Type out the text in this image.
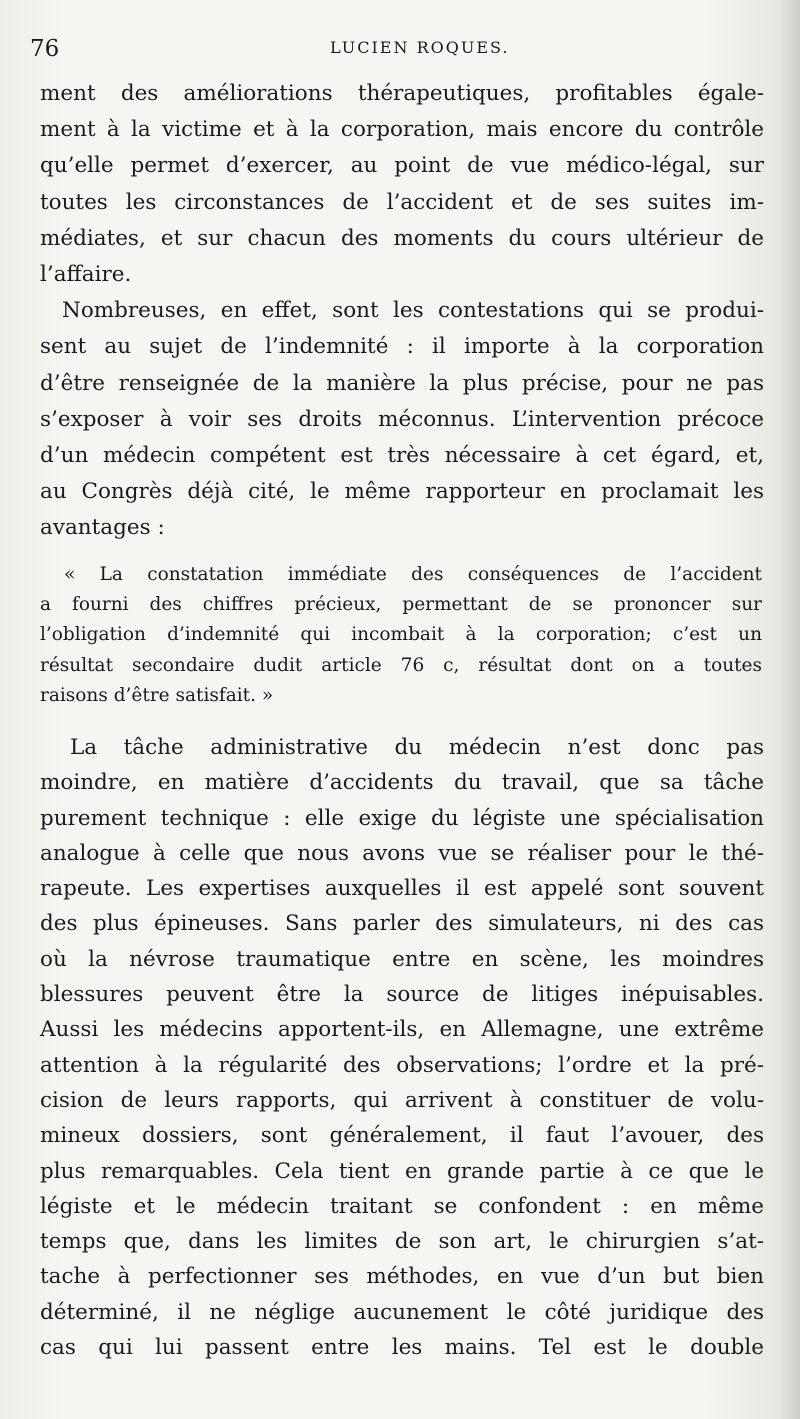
76	LUCIEN ROQUES.
ment des améliorations thérapeutiques, profitables égale-
ment à la victime et à la corporation, mais encore du contrôle
qu’elle permet d’exercer, au point de vue médico-légal, sur
toutes les circonstances de l’accident et de ses suites im-
médiates, et sur chacun des moments du cours ultérieur de
l’affaire.
Nombreuses, en effet, sont les contestations qui se produi-
sent au sujet de l’indemnité : il importe à la corporation
d’être renseignée de la manière la plus précise, pour ne pas
s’exposer à voir ses droits méconnus. L’intervention précoce
d’un médecin compétent est très nécessaire à cet égard, et,
au Congrès déjà cité, le même rapporteur en proclamait les
avantages :
« La constatation immédiate des conséquences de l’accident
a fourni des chiffres précieux, permettant de se prononcer sur
l’obligation d’indemnité qui incombait à la corporation; c’est un
résultat secondaire dudit article 76 c, résultat dont on a toutes
raisons d’être satisfait. »
La tâche administrative du médecin n’est donc pas
moindre, en matière d’accidents du travail, que sa tâche
purement technique : elle exige du légiste une spécialisation
analogue à celle que nous avons vue se réaliser pour le thé-
rapeute. Les expertises auxquelles il est appelé sont souvent
des plus épineuses. Sans parler des simulateurs, ni des cas
où la névrose traumatique entre en scène, les moindres
blessures peuvent être la source de litiges inépuisables.
Aussi les médecins apportent-ils, en Allemagne, une extrême
attention à la régularité des observations; l’ordre et la pré-
cision de leurs rapports, qui arrivent à constituer de volu-
mineux dossiers, sont généralement, il faut l’avouer, des
plus remarquables. Cela tient en grande partie à ce que le
légiste et le médecin traitant se confondent : en même
temps que, dans les limites de son art, le chirurgien s’at-
tache à perfectionner ses méthodes, en vue d’un but bien
déterminé, il ne néglige aucunement le côté juridique des
cas qui lui passent entre les mains. Tel est le double
